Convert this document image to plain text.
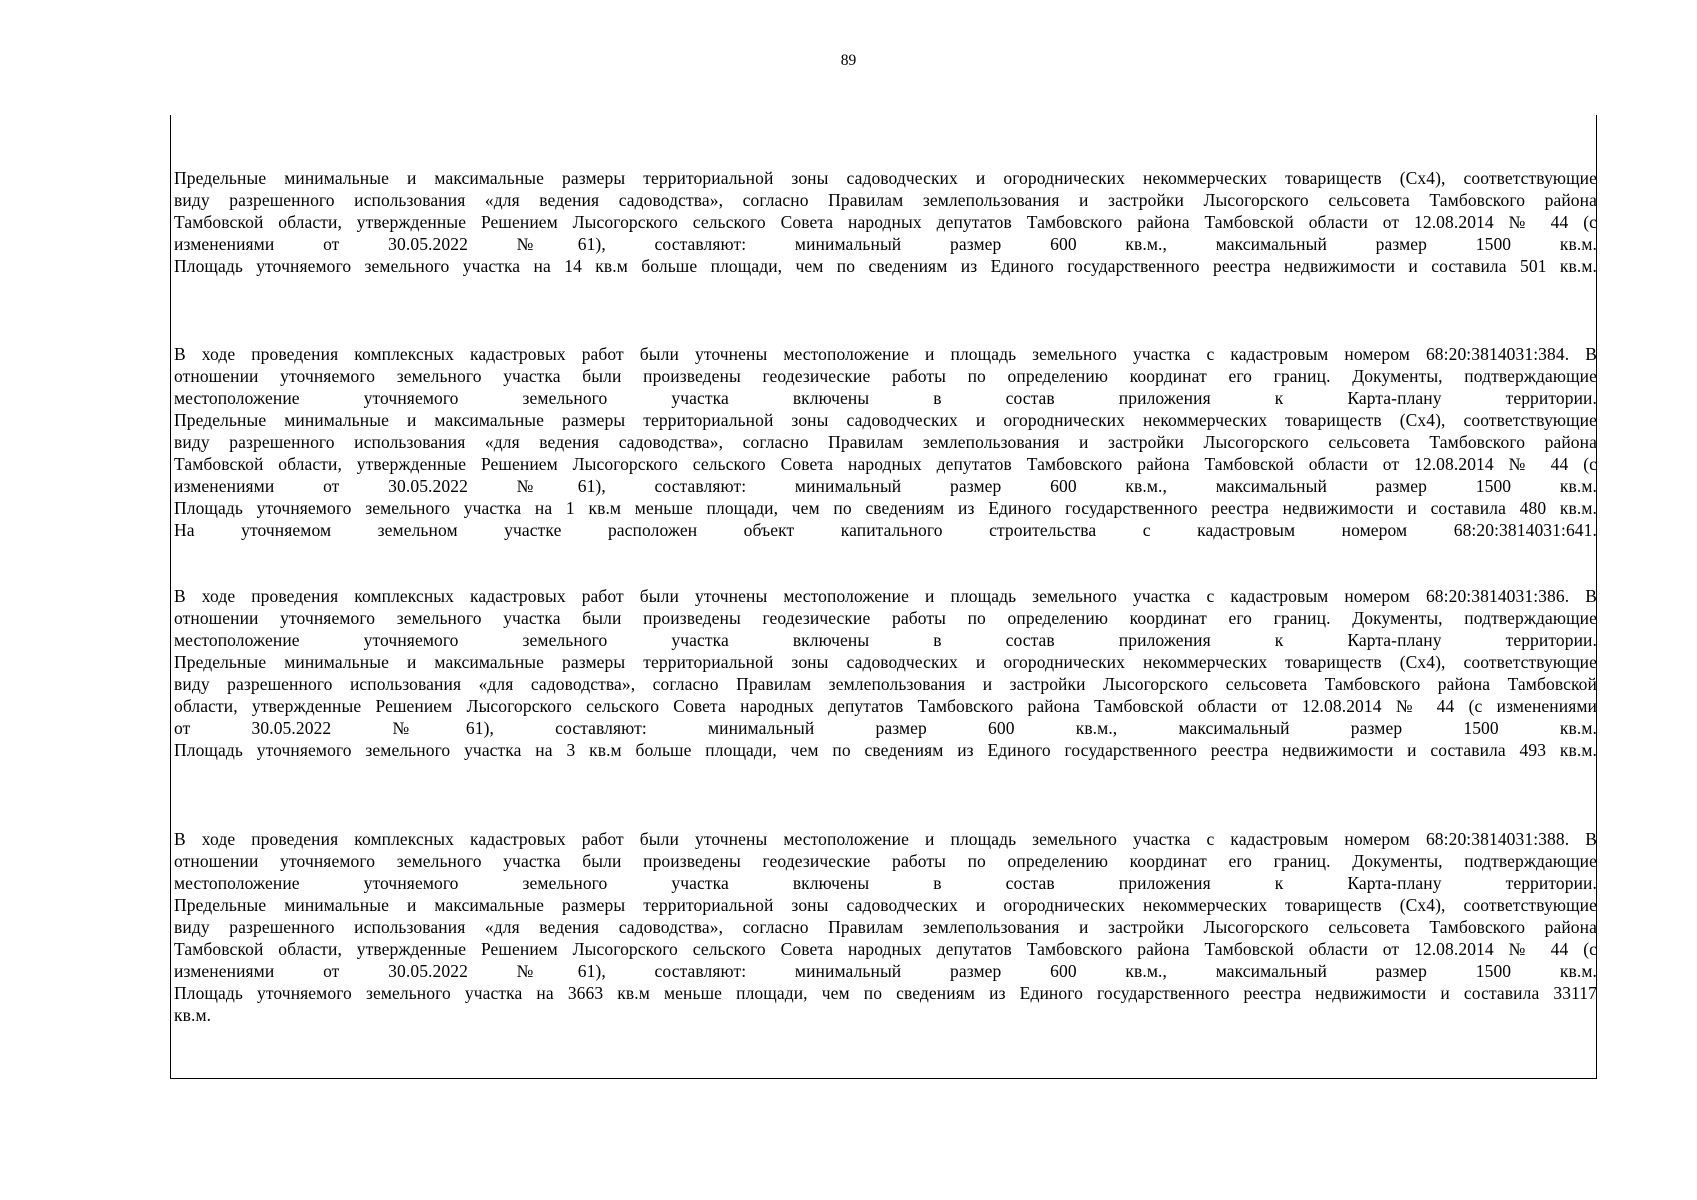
89
Предельные минимальные и максимальные размеры территориальной зоны садоводческих и огороднических некоммерческих товариществ (Сх4), соответствующие
виду разрешенного использования «для ведения садоводства», согласно Правилам землепользования и застройки Лысогорского сельсовета Тамбовского района
Тамбовской области, утвержденные Решением Лысогорского сельского Совета народных депутатов Тамбовского района Тамбовской области от 12.08.2014 № 44 (с
изменениями от 30.05.2022 №61), составляют: минимальный размер 600 кв.м., максимальный размер 1500 кв.м.
Площадь уточняемого земельного участка на 14 кв.м больше площади, чем по сведениям из Единого государственного реестра недвижимости и составила 501 кв.м.
В ходе проведения комплексных кадастровых работ были уточнены местоположение и площадь земельного участка с кадастровым номером 68:20:3814031:384. В
отношении уточняемого земельного участка были произведены геодезические работы по определению координат его границ. Документы, подтверждающие
местоположение уточняемого земельного участка включены в состав приложения к Карта-плану территории.
Предельные минимальные и максимальные размеры территориальной зоны садоводческих и огороднических некоммерческих товариществ (Сх4), соответствующие
виду разрешенного использования «для ведения садоводства», согласно Правилам землепользования и застройки Лысогорского сельсовета Тамбовского района
Тамбовской области, утвержденные Решением Лысогорского сельского Совета народных депутатов Тамбовского района Тамбовской области от 12.08.2014 № 44 (с
изменениями от 30.05.2022 №61), составляют: минимальный размер 600 кв.м., максимальный размер 1500 кв.м.
Площадь уточняемого земельного участка на 1 кв.м меньше площади, чем по сведениям из Единого государственного реестра недвижимости и составила 480 кв.м.
На уточняемом земельном участке расположен объект капитального строительства с кадастровым номером 68:20:3814031:641.
В ходе проведения комплексных кадастровых работ были уточнены местоположение и площадь земельного участка с кадастровым номером 68:20:3814031:386. В
отношении уточняемого земельного участка были произведены геодезические работы по определению координат его границ. Документы, подтверждающие
местоположение уточняемого земельного участка включены в состав приложения к Карта-плану территории.
Предельные минимальные и максимальные размеры территориальной зоны садоводческих и огороднических некоммерческих товариществ (Сх4), соответствующие
виду разрешенного использования «для садоводства», согласно Правилам землепользования и застройки Лысогорского сельсовета Тамбовского района Тамбовской
области, утвержденные Решением Лысогорского сельского Совета народных депутатов Тамбовского района Тамбовской области от 12.08.2014 № 44 (с изменениями
от 30.05.2022 №61), составляют: минимальный размер 600 кв.м., максимальный размер 1500 кв.м.
Площадь уточняемого земельного участка на 3 кв.м больше площади, чем по сведениям из Единого государственного реестра недвижимости и составила 493 кв.м.
В ходе проведения комплексных кадастровых работ были уточнены местоположение и площадь земельного участка с кадастровым номером 68:20:3814031:388. В
отношении уточняемого земельного участка были произведены геодезические работы по определению координат его границ. Документы, подтверждающие
местоположение уточняемого земельного участка включены в состав приложения к Карта-плану территории.
Предельные минимальные и максимальные размеры территориальной зоны садоводческих и огороднических некоммерческих товариществ (Сх4), соответствующие
виду разрешенного использования «для ведения садоводства», согласно Правилам землепользования и застройки Лысогорского сельсовета Тамбовского района
Тамбовской области, утвержденные Решением Лысогорского сельского Совета народных депутатов Тамбовского района Тамбовской области от 12.08.2014 № 44 (с
изменениями от 30.05.2022 №61), составляют: минимальный размер 600 кв.м., максимальный размер 1500 кв.м.
Площадь уточняемого земельного участка на 3663 кв.м меньше площади, чем по сведениям из Единого государственного реестра недвижимости и составила 33117
кв.м.
